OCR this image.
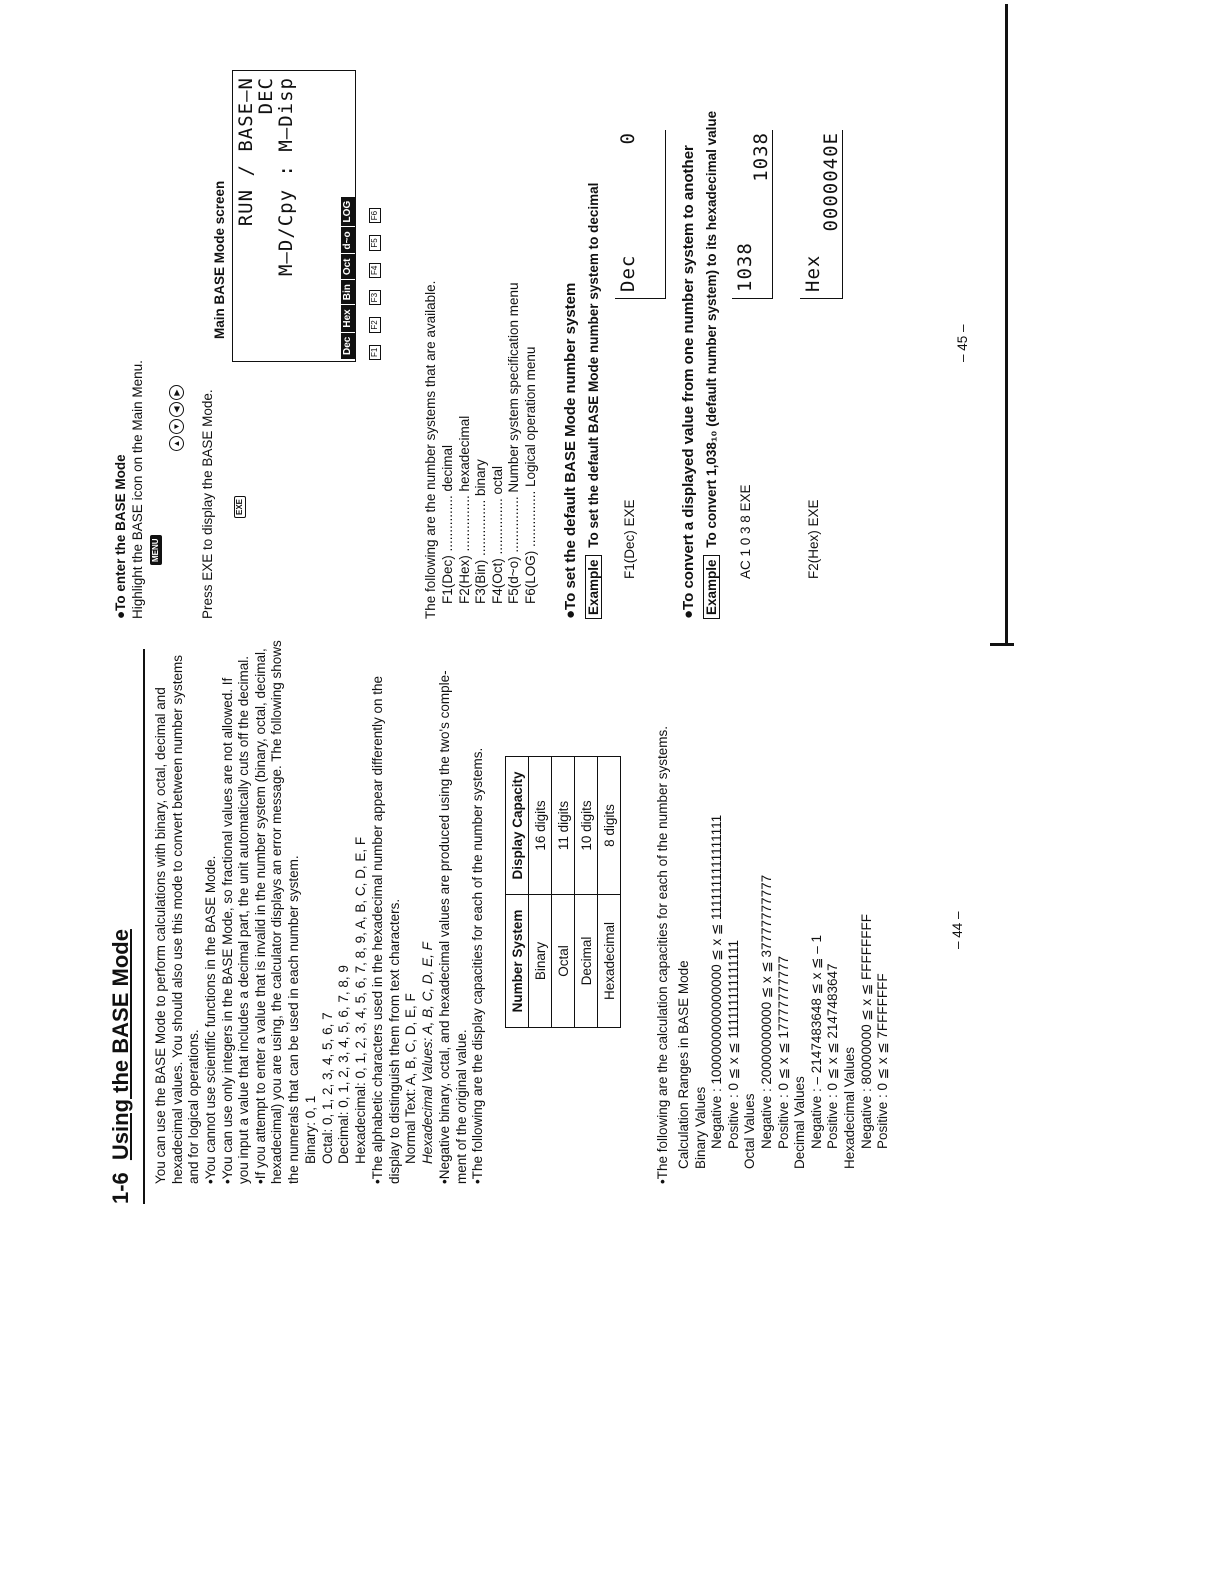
1-6 Using the BASE Mode You can use the BASE Mode to perform calculations with binary, octal, decimal and hexadecimal values. You should also use this mode to convert between number systems and for logical operations. •You cannot use scientific functions in the BASE Mode. •You can use only integers in the BASE Mode, so fractional values are not allowed. If you input a value that includes a decimal part, the unit automatically cuts off the decimal. •If you attempt to enter a value that is invalid in the number system (binary, octal, decimal, hexadecimal) you are using, the calculator displays an error message. The following shows the numerals that can be used in each number system. Binary: 0, 1 Octal: 0, 1, 2, 3, 4, 5, 6, 7 Decimal: 0, 1, 2, 3, 4, 5, 6, 7, 8, 9 Hexadecimal: 0, 1, 2, 3, 4, 5, 6, 7, 8, 9, A, B, C, D, E, F •The alphabetic characters used in the hexadecimal number appear differently on the display to distinguish them from text characters. Normal Text: A, B, C, D, E, F Hexadecimal Values: A, B, C, D, E, F •Negative binary, octal, and hexadecimal values are produced using the two's comple- ment of the original value. •The following are the display capacities for each of the number systems. Number System	Display Capacity
Binary	16 digits
Octal	11 digits
Decimal	10 digits
Hexadecimal	8 digits	•The following are the calculation capacities for each of the number systems. Calculation Ranges in BASE Mode Binary Values Negative : 1000000000000000 ≦ x ≦ 1111111111111111 Positive : 0 ≦ x ≦ 111111111111111 Octal Values Negative : 20000000000 ≦ x ≦ 37777777777 Positive : 0 ≦ x ≦ 17777777777 Decimal Values Negative : – 2147483648 ≦ x ≦ – 1 Positive : 0 ≦ x ≦ 2147483647 Hexadecimal Values Negative : 80000000 ≦ x ≦ FFFFFFFF Positive : 0 ≦ x ≦ 7FFFFFFF
– 44 –
●To enter the BASE Mode Highlight the BASE icon on the Main Menu. MENU
▲▼◀▶ Press EXE to display the BASE Mode.	EXE
Main BASE Mode screen
RUN / BASE–N
DEC
M–D/Cpy : M–Disp
DecHexBinOctd~oLOG
F1F2F3F4F5F6
The following are the number systems that are available. F1(Dec) ............... decimal F2(Hex) ............... hexadecimal F3(Bin) ............... binary F4(Oct) ............... octal F5(d~o) ............... Number system specification menu F6(LOG) ............... Logical operation menu ●To set the default BASE Mode number system Example To set the default BASE Mode number system to decimal F1(Dec) EXE
Dec
0
●To convert a displayed value from one number system to another Example To convert 1,038₁₀ (default number system) to its hexadecimal value AC 1 0 3 8 EXE
1038
1038
F2(Hex) EXE
Hex
0000040E
– 45 –
